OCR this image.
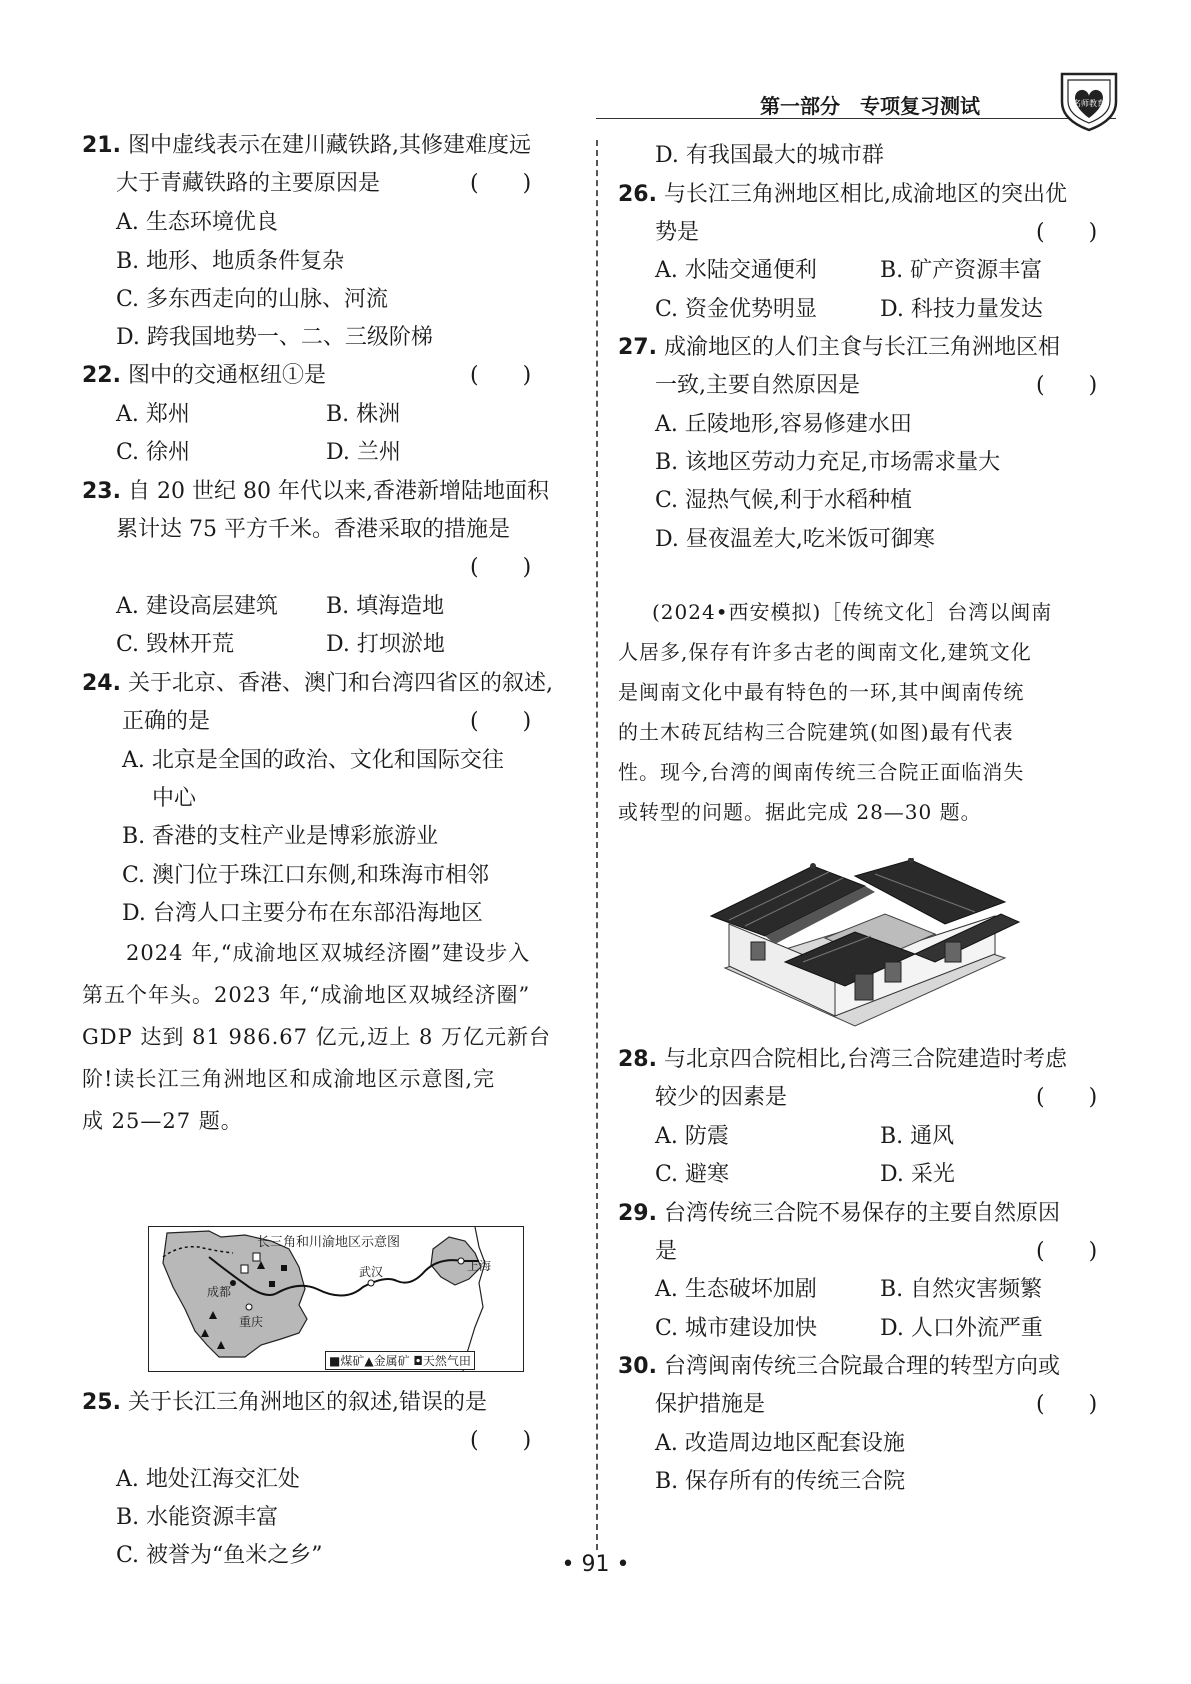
第一部分 专项复习测试	名师教育
21. 图中虚线表示在建川藏铁路,其修建难度远
大于青藏铁路的主要原因是	(　　)
A. 生态环境优良
B. 地形、地质条件复杂
C. 多东西走向的山脉、河流
D. 跨我国地势一、二、三级阶梯
22. 图中的交通枢纽①是	(　　)
A. 郑州	B. 株洲
C. 徐州	D. 兰州
23. 自 20 世纪 80 年代以来,香港新增陆地面积
累计达 75 平方千米。香港采取的措施是
(　　)
A. 建设高层建筑 B. 填海造地
C. 毁林开荒	D. 打坝淤地
24. 关于北京、香港、澳门和台湾四省区的叙述,
正确的是	(　　)
A. 北京是全国的政治、文化和国际交往
中心
B. 香港的支柱产业是博彩旅游业
C. 澳门位于珠江口东侧,和珠海市相邻
D. 台湾人口主要分布在东部沿海地区

2024 年,“成渝地区双城经济圈”建设步入

第五个年头。2023 年,“成渝地区双城经济圈”

GDP 达到 81 986.67 亿元,迈上 8 万亿元新台

阶!读长江三角洲地区和成渝地区示意图,完

成 25—27 题。

长三角和川渝地区示意图
成都
重庆
武汉	上海
■煤矿▲金属矿 ◘天然气田
25. 关于长江三角洲地区的叙述,错误的是
(　　)
A. 地处江海交汇处
B. 水能资源丰富
C. 被誉为“鱼米之乡”
D. 有我国最大的城市群
26. 与长江三角洲地区相比,成渝地区的突出优
势是	(　　)
A. 水陆交通便利	B. 矿产资源丰富
C. 资金优势明显	D. 科技力量发达
27. 成渝地区的人们主食与长江三角洲地区相
一致,主要自然原因是	(　　)
A. 丘陵地形,容易修建水田
B. 该地区劳动力充足,市场需求量大
C. 湿热气候,利于水稻种植
D. 昼夜温差大,吃米饭可御寒

(2024•西安模拟)［传统文化］台湾以闽南

人居多,保存有许多古老的闽南文化,建筑文化

是闽南文化中最有特色的一环,其中闽南传统

的土木砖瓦结构三合院建筑(如图)最有代表

性。现今,台湾的闽南传统三合院正面临消失

或转型的问题。据此完成 28—30 题。

28. 与北京四合院相比,台湾三合院建造时考虑
较少的因素是	(　　)
A. 防震	B. 通风
C. 避寒	D. 采光
29. 台湾传统三合院不易保存的主要自然原因
是	(　　)
A. 生态破坏加剧	B. 自然灾害频繁
C. 城市建设加快	D. 人口外流严重
30. 台湾闽南传统三合院最合理的转型方向或
保护措施是	(　　)
A. 改造周边地区配套设施
B. 保存所有的传统三合院
• 91 •
